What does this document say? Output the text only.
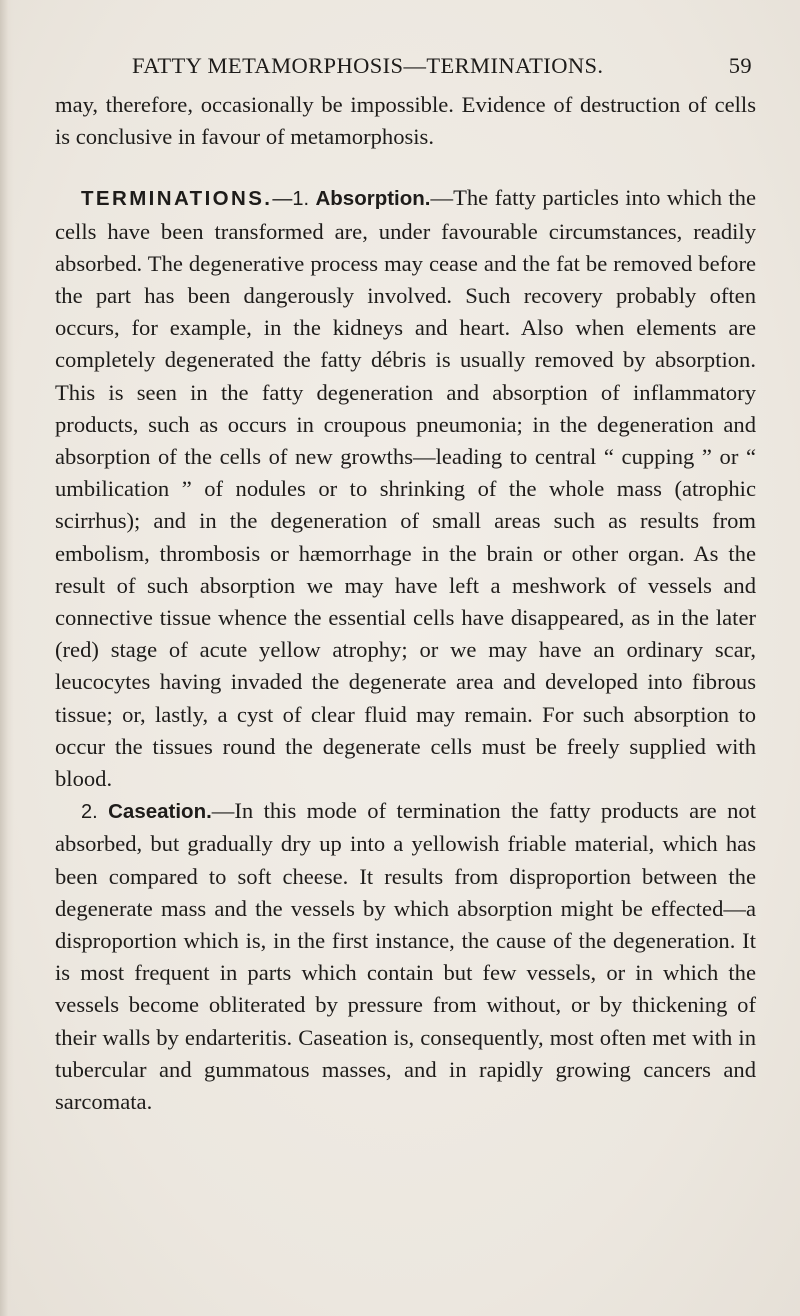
FATTY METAMORPHOSIS—TERMINATIONS.	59

may, therefore, occasionally be impossible. Evidence of destruction of cells is conclusive in favour of metamorphosis.

TERMINATIONS.—1. Absorption.—The fatty particles into which the cells have been transformed are, under favourable circumstances, readily absorbed. The degenerative process may cease and the fat be removed before the part has been dangerously involved. Such recovery probably often occurs, for example, in the kidneys and heart. Also when elements are completely degenerated the fatty débris is usually removed by absorption. This is seen in the fatty degeneration and absorption of inflammatory products, such as occurs in croupous pneumonia; in the degeneration and absorption of the cells of new growths—leading to central “ cupping ” or “ umbilication ” of nodules or to shrinking of the whole mass (atrophic scirrhus); and in the degeneration of small areas such as results from embolism, thrombosis or hæmorrhage in the brain or other organ. As the result of such absorption we may have left a meshwork of vessels and connective tissue whence the essential cells have disappeared, as in the later (red) stage of acute yellow atrophy; or we may have an ordinary scar, leucocytes having invaded the degenerate area and developed into fibrous tissue; or, lastly, a cyst of clear fluid may remain. For such absorption to occur the tissues round the degenerate cells must be freely supplied with blood.

2. Caseation.—In this mode of termination the fatty products are not absorbed, but gradually dry up into a yellowish friable material, which has been compared to soft cheese. It results from disproportion between the degenerate mass and the vessels by which absorption might be effected—a disproportion which is, in the first instance, the cause of the degeneration. It is most frequent in parts which contain but few vessels, or in which the vessels become obliterated by pressure from without, or by thickening of their walls by endarteritis. Caseation is, consequently, most often met with in tubercular and gummatous masses, and in rapidly growing cancers and sarcomata.
